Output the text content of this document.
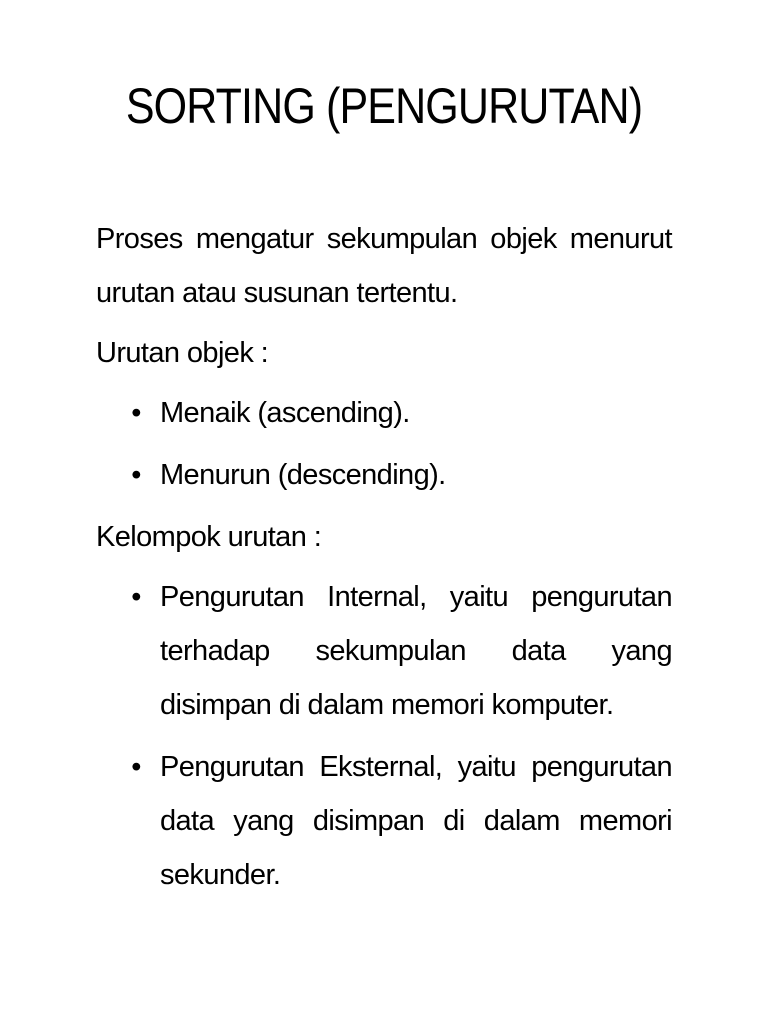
SORTING (PENGURUTAN)

Proses mengatur sekumpulan objek menurut urutan atau susunan tertentu.

Urutan objek :

• Menaik (ascending).
• Menurun (descending).

Kelompok urutan :

• Pengurutan Internal, yaitu pengurutan terhadap sekumpulan data yang disimpan di dalam memori komputer.
• Pengurutan Eksternal, yaitu pengurutan data yang disimpan di dalam memori sekunder.
